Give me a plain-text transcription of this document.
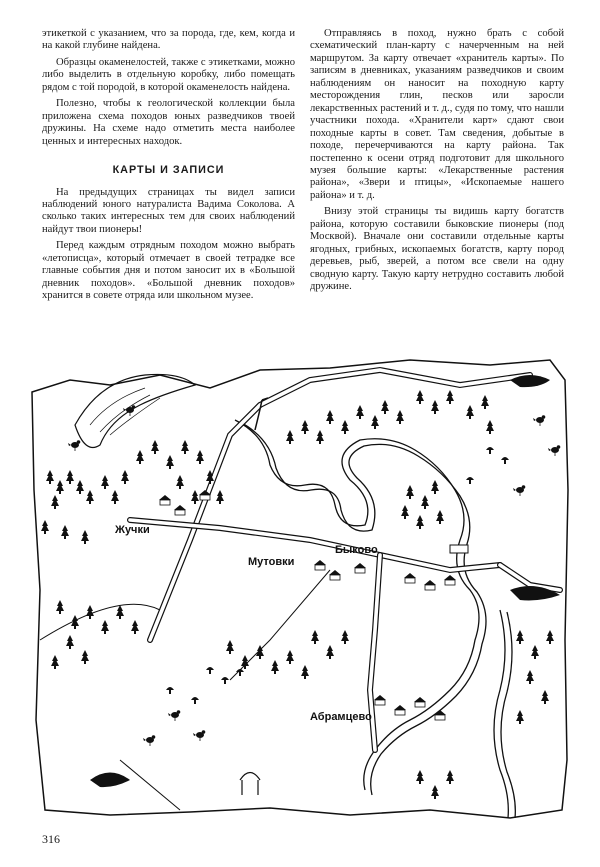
этикеткой с указанием, что за порода, где, кем, когда и на какой глубине найдена.

Образцы окаменелостей, также с этикетками, можно либо выделить в отдельную коробку, либо помещать рядом с той породой, в которой окаменелость найдена.

Полезно, чтобы к геологической коллекции была приложена схема походов юных разведчиков твоей дружины. На схеме надо отметить места наиболее ценных и интересных находок.

КАРТЫ И ЗАПИСИ

На предыдущих страницах ты видел записи наблюдений юного натуралиста Вадима Соколова. А сколько таких интересных тем для своих наблюдений найдут твои пионеры!

Перед каждым отрядным походом можно выбрать «летописца», который отмечает в своей тетрадке все главные события дня и потом заносит их в «Большой дневник походов». «Большой дневник походов» хранится в совете отряда или школьном музее.

Отправляясь в поход, нужно брать с собой схематический план-карту с начерченным на ней маршрутом. За карту отвечает «хранитель карты». По записям в дневниках, указаниям разведчиков и своим наблюдениям он наносит на походную карту месторождения глин, песков или заросли лекарственных растений и т. д., судя по тому, что нашли участники похода. «Хранители карт» сдают свои походные карты в совет. Там сведения, добытые в походе, перечерчиваются на карту района. Так постепенно к осени отряд подготовит для школьного музея большие карты: «Лекарственные растения района», «Звери и птицы», «Ископаемые нашего района» и т. д.

Внизу этой страницы ты видишь карту богатств района, которую составили быковские пионеры (под Москвой). Вначале они составили отдельные карты ягодных, грибных, ископаемых богатств, карту пород деревьев, рыб, зверей, а потом все свели на одну сводную карту. Такую карту нетрудно составить любой дружине.

Жучки
Мутовки
Быково
Абрамцево
316
